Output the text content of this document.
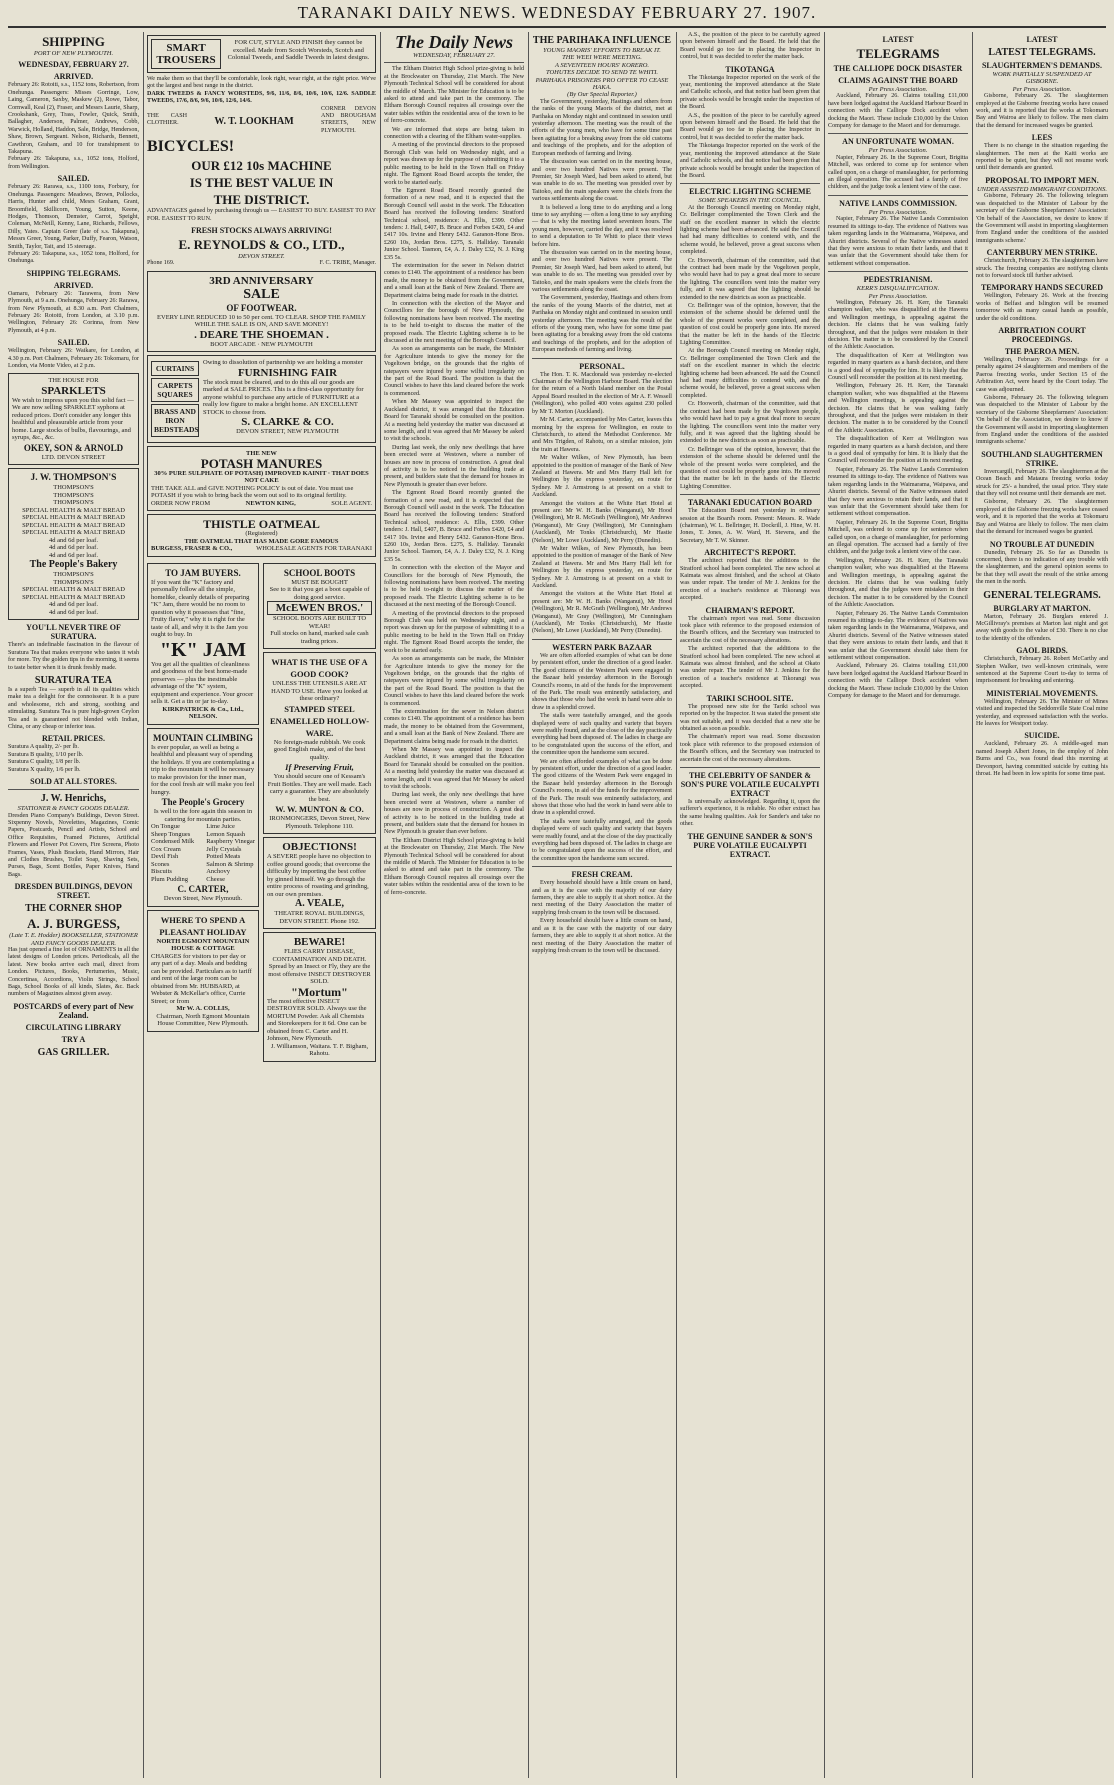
TARANAKI DAILY NEWS. WEDNESDAY FEBRUARY 27. 1907.
SHIPPING
PORT OF NEW PLYMOUTH.
WEDNESDAY, FEBRUARY 27.
ARRIVED.
February 26: Rotoiti, s.s., 1152 tons, Robertson, from Onehunga. Passengers: Misses Gorringe, Low, Laing, Cameron, Saxby, Maskew (2), Rowe, Tabor, Cornwall, Keal (2), Fraser, and Messrs Laurie, Sharp, Crookshank, Grey, Trass, Fowler, Quick, Smith, Ballagher, Anderson, Palmer, Andrews, Cobb, Warwick, Holland, Haddon, Sale, Bridge, Henderson, Shaw, Brown, Sergeant. Nelson, Richards, Bennett, Cawthron, Graham, and 10 for transhipment to Takapuna.
February 26: Takapuna, s.s., 1052 tons, Holford, from Wellington.
SAILED.
February 26: Rarawa, s.s., 1100 tons, Forbury, for Onehunga. Passengers: Meadows, Brown, Pollocks, Harris, Hunter and child, Mesrs Graham, Grant, Broomfield, Skillicorn, Young, Sutton, Keene, Hodges, Thomson, Demster, Carrot, Speight, Coleman, McNeill, Kenny, Lane, Richards, Fellows, Dilly, Yates. Captain Greer (late of s.s. Takapuna), Messrs Greer, Young, Parker, Duffy, Fearon, Watson, Smith, Taylor, Tait, and 15 steerage.
February 26: Takapuna, s.s., 1052 tons, Holford, for Onehunga.
SHIPPING TELEGRAMS.
ARRIVED.
Oamaru, February 26: Tarawera, from New Plymouth, at 9 a.m. Onehunga, February 26: Rarawa, from New Plymouth, at 8.30 a.m. Port Chalmers, February 26: Rotoiti, from London, at 3.10 p.m. Wellington, February 26: Corinna, from New Plymouth, at 4 p.m.
SAILED.
Wellington, February 26: Waikare, for London, at 4.30 p.m. Port Chalmers, February 26: Tokomaru, for London, via Monte Video, at 2 p.m.
THE HOUSE FOR
SPARKLETS
We wish to impress upon you this solid fact — We are now selling SPARKLET syphons at reduced prices. Don't consider any longer this healthful and pleasurable article from your home. Large stocks of bulbs, flavourings, and syrups, &c., &c.
OKEY, SON & ARNOLD
LTD. DEVON STREET
J. W. THOMPSON'S
THOMPSON'S
THOMPSON'S
THOMPSON'S
SPECIAL HEALTH & MALT BREAD
SPECIAL HEALTH & MALT BREAD
SPECIAL HEALTH & MALT BREAD
SPECIAL HEALTH & MALT BREAD
4d and 6d per loaf.
4d and 6d per loaf.
4d and 6d per loaf.
The People's Bakery
THOMPSON'S
THOMPSON'S
SPECIAL HEALTH & MALT BREAD
SPECIAL HEALTH & MALT BREAD
4d and 6d per loaf.
4d and 6d per loaf.
YOU'LL NEVER TIRE OF SURATURA.
There's an indefinable fascination in the flavour of Suratura Tea that makes everyone who tastes it wish for more. Try the golden tips in the morning, it seems to taste better when it is drunk freshly made.
SURATURA TEA
Is a superb Tea — superb in all its qualities which make tea a delight for the connoisseur. It is a pure and wholesome, rich and strong, soothing and stimulating. Suratura Tea is pure high-grown Ceylon Tea and is guaranteed not blended with Indian, China, or any cheap or inferior teas.
RETAIL PRICES.
Suratura A quality, 2/- per lb.
Suratura B quality, 1/10 per lb.
Suratura C quality, 1/8 per lb.
Suratura X quality, 1/6 per lb.
SOLD AT ALL STORES.
J. W. Henrichs,
STATIONER & FANCY GOODS DEALER.
Dresden Piano Company's Buildings, Devon Street. Sixpenny Novels, Novelettes, Magazines, Comic Papers, Postcards, Pencil and Artists, School and Office Requisites, Framed Pictures, Artificial Flowers and Flower Pot Covers, Fire Screens, Photo Frames, Vases, Plush Brackets, Hand Mirrors, Hair and Clothes Brushes, Toilet Soap, Shaving Sets, Purses, Bags, Scent Bottles, Paper Knives, Hand Bags.
DRESDEN BUILDINGS, DEVON STREET.
THE CORNER SHOP
A. J. BURGESS,
(Late T. E. Hodder) BOOKSELLER, STATIONER AND FANCY GOODS DEALER.
Has just opened a fine lot of ORNAMENTS in all the latest designs of London prices. Periodicals, all the latest. New books arrive each mail, direct from London. Pictures, Books, Pertumeries, Music, Concertinas, Accordions, Violin Strings, School Bags, School Books of all kinds, Slates, &c. Back numbers of Magazines almost given away.
POSTCARDS of every part of New Zealand.
CIRCULATING LIBRARY
TRY A
GAS GRILLER.
SMART TROUSERS
FOR CUT, STYLE AND FINISH they cannot be excelled. Made from Scotch Worsteds, Scotch and Colonial Tweeds, and Saddle Tweeds in latest designs.
We make them so that they'll be comfortable, look right, wear right, at the right price. We've got the largest and best range in the district.
DARK TWEEDS & FANCY WORSTEDS, 9/6, 11/6, 8/6, 10/6, 10/6, 12/6. SADDLE TWEEDS, 17/6, 8/6, 9/6, 10/6, 12/6, 14/6.
THE CASH CLOTHIER.	W. T. LOOKHAM
CORNER DEVON AND BROUGHAM STREETS, NEW PLYMOUTH.
BICYCLES!
OUR £12 10s MACHINE
IS THE BEST VALUE IN
THE DISTRICT.
ADVANTAGES gained by purchasing through us — EASIEST TO BUY. EASIEST TO PAY FOR. EASIEST TO RUN.
FRESH STOCKS ALWAYS ARRIVING!
E. REYNOLDS & CO., LTD.,
DEVON STREET.
Phone 169.	F. C. TRIBE, Manager.
3RD ANNIVERSARY
SALE
OF FOOTWEAR.
EVERY LINE REDUCED 10 to 50 per cent. TO CLEAR. SHOP THE FAMILY WHILE THE SALE IS ON, AND SAVE MONEY!
. DEARE THE SHOEMAN .
BOOT ARCADE · NEW PLYMOUTH
CURTAINS
CARPETS SQUARES
BRASS AND IRON BEDSTEADS
Owing to dissolution of partnership we are holding a monster
FURNISHING FAIR
The stock must be cleared, and to do this all our goods are marked at SALE PRICES. This is a first-class opportunity for anyone wishful to purchase any article of FURNITURE at a really low figure to make a bright home. AN EXCELLENT STOCK to choose from.
S. CLARKE & CO.
DEVON STREET, NEW PLYMOUTH
THE NEW
POTASH MANURES
30% PURE SULPHATE OF POTASH) IMPROVED KAINIT · THAT DOES NOT CAKE
THE TAKE ALL and GIVE NOTHING POLICY is out of date. You must use POTASH if you wish to bring back the worn out soil to its original fertility.
ORDER NOW FROM	NEWTON KING,	SOLE AGENT.
THISTLE OATMEAL
(Registered)
THE OATMEAL THAT HAS MADE GORE FAMOUS
BURGESS, FRASER & CO.,	WHOLESALE AGENTS FOR TARANAKI
TO JAM BUYERS.
If you want the "K" factory and personally follow all the simple, homelike, cleanly details of preparing "K" Jam, there would be no room to question why it possesses that "fine, Fruity flavor," why it is right for the taste of all, and why it is the Jam you ought to buy. In
"K" JAM
You get all the qualities of cleanliness and goodness of the best home-made preserves — plus the inestimable advantage of the "K" system, equipment and experience. Your grocer sells it. Get a tin or jar to-day.
KIRKPATRICK & Co., Ltd., NELSON.
MOUNTAIN CLIMBING
Is ever popular, as well as being a healthful and pleasant way of spending the holidays. If you are contemplating a trip to the mountain it will be necessary to make provision for the inner man, for the cool fresh air will make you feel hungry.
The People's Grocery
Is well to the fore again this season in catering for mountain parties.
On Tongue
Sheep Tongues
Condensed Milk
Cox Cream
Devil Fish
Scones
Biscuits
Plum Pudding
Lime Juice
Lemon Squash
Raspberry Vinegar
Jelly Crystals
Potted Meats
Salmon & Shrimp
Anchovy
Cheese
C. CARTER,
Devon Street, New Plymouth.
WHERE TO SPEND A PLEASANT HOLIDAY
NORTH EGMONT MOUNTAIN HOUSE & COTTAGE
CHARGES for visitors to per day or any part of a day. Meals and bedding can be provided. Particulars as to tariff and rent of the large room can be obtained from Mr. HUBBARD, at Webster & McKellar's office, Currie Street; or from
Mr W. A. COLLIS,
Chairman, North Egmont Mountain House Committee, New Plymouth.
SCHOOL BOOTS
MUST BE BOUGHT
See to it that you get a boot capable of doing good service.
McEWEN BROS.'
SCHOOL BOOTS ARE BUILT TO WEAR!
Full stocks on hand, marked sale cash trading prices.
WHAT IS THE USE OF A GOOD COOK?
UNLESS THE UTENSILS ARE AT HAND TO USE. Have you looked at these ordinary?
STAMPED STEEL ENAMELLED HOLLOW-WARE.
No foreign-made rubbish. We cook good English make, and of the best quality.
If Preserving Fruit,
You should secure one of Kessam's Fruit Bottles. They are well made. Each carry a guarantee. They are absolutely the best.
W. W. MUNTON & CO.
IRONMONGERS, Devon Street, New Plymouth. Telephone 110.
OBJECTIONS!
A SEVERE people have no objection to coffee ground goods; that overcome the difficulty by importing the best coffee by ginned himself. We go through the entire process of roasting and grinding, on our own premises.
A. VEALE,
THEATRE ROYAL BUILDINGS, DEVON STREET. Phone 192.
BEWARE!
FLIES CARRY DISEASE, CONTAMINATION AND DEATH. Spread by an Insect or Fly, they are the most offensive INSECT DESTROYER SOLD.
"Mortum"
The most effective INSECT DESTROYER SOLD. Always use the MORTUM Powder. Ask all Chemists and Storekeepers for it 6d. One can be obtained from C. Carter and H. Johnson, New Plymouth.
J. Williamson, Waitara. T. F. Bigham, Rahotu.
The Daily News
WEDNESDAY, FEBRUARY 27.

The Eltham District High School prize-giving is held at the Brockwater on Thursday, 21st March. The New Plymouth Technical School will be considered for about the middle of March. The Minister for Education is to be asked to attend and take part in the ceremony. The Eltham Borough Council requires all crossings over the water tables within the residential area of the town to be of ferro-concrete.

We are informed that steps are being taken in connection with a clearing of the Eltham water-supplies.

A meeting of the provincial directors to the proposed Borough Club was held on Wednesday night, and a report was drawn up for the purpose of submitting it to a public meeting to be held in the Town Hall on Friday night. The Egmont Road Board accepts the tender, the work to be started early.

The Egmont Road Board recently granted the formation of a new road, and it is expected that the Borough Council will assist in the work. The Education Board has received the following tenders: Stratford Technical school, residence: A. Ellis, £399. Other tenders: J. Hall, £407, B. Bruce and Forbes £420, £4 and £417 10s. Irvine and Henry £432. Garanon-Hone Bros. £260 10s, Jordan Bros. £275, S. Halliday. Taranaki Junior School. Tasmon, £4, A. J. Daley £32, N. J. King £35 5s.

The extermination for the sewer in Nelson district comes to £140. The appointment of a residence has been made, the money to be obtained from the Government, and a small loan at the Bank of New Zealand. There are Department claims being made for roads in the district.

In connection with the election of the Mayor and Councillors for the borough of New Plymouth, the following nominations have been received. The meeting is to be held to-night to discuss the matter of the proposed roads. The Electric Lighting scheme is to be discussed at the next meeting of the Borough Council.

As soon as arrangements can be made, the Minister for Agriculture intends to give the money for the Vogeltown bridge, on the grounds that the rights of ratepayers were injured by some wilful irregularity on the part of the Road Board. The position is that the Council wishes to have this land cleared before the work is commenced.

When Mr Massey was appointed to inspect the Auckland district, it was arranged that the Education Board for Taranaki should be consulted on the position. At a meeting held yesterday the matter was discussed at some length, and it was agreed that Mr Massey be asked to visit the schools.

During last week, the only new dwellings that have been erected were at Westown, where a number of houses are now in process of construction. A great deal of activity is to be noticed in the building trade at present, and builders state that the demand for houses in New Plymouth is greater than ever before.

The Egmont Road Board recently granted the formation of a new road, and it is expected that the Borough Council will assist in the work. The Education Board has received the following tenders: Stratford Technical school, residence: A. Ellis, £399. Other tenders: J. Hall, £407, B. Bruce and Forbes £420, £4 and £417 10s. Irvine and Henry £432. Garanon-Hone Bros. £260 10s, Jordan Bros. £275, S. Halliday. Taranaki Junior School. Tasmon, £4, A. J. Daley £32, N. J. King £35 5s.

In connection with the election of the Mayor and Councillors for the borough of New Plymouth, the following nominations have been received. The meeting is to be held to-night to discuss the matter of the proposed roads. The Electric Lighting scheme is to be discussed at the next meeting of the Borough Council.

A meeting of the provincial directors to the proposed Borough Club was held on Wednesday night, and a report was drawn up for the purpose of submitting it to a public meeting to be held in the Town Hall on Friday night. The Egmont Road Board accepts the tender, the work to be started early.

As soon as arrangements can be made, the Minister for Agriculture intends to give the money for the Vogeltown bridge, on the grounds that the rights of ratepayers were injured by some wilful irregularity on the part of the Road Board. The position is that the Council wishes to have this land cleared before the work is commenced.

The extermination for the sewer in Nelson district comes to £140. The appointment of a residence has been made, the money to be obtained from the Government, and a small loan at the Bank of New Zealand. There are Department claims being made for roads in the district.

When Mr Massey was appointed to inspect the Auckland district, it was arranged that the Education Board for Taranaki should be consulted on the position. At a meeting held yesterday the matter was discussed at some length, and it was agreed that Mr Massey be asked to visit the schools.

During last week, the only new dwellings that have been erected were at Westown, where a number of houses are now in process of construction. A great deal of activity is to be noticed in the building trade at present, and builders state that the demand for houses in New Plymouth is greater than ever before.

The Eltham District High School prize-giving is held at the Brockwater on Thursday, 21st March. The New Plymouth Technical School will be considered for about the middle of March. The Minister for Education is to be asked to attend and take part in the ceremony. The Eltham Borough Council requires all crossings over the water tables within the residential area of the town to be of ferro-concrete.

THE PARIHAKA INFLUENCE
YOUNG MAORIS' EFFORTS TO BREAK IT.
THE WEEI WERE MEETING.
A SEVENTEEN HOURS' KORERO.
TOHUTES DECIDE TO SEND TE WHITI.
PARIHAKA PRISONERS PRO OFFER TO CEASE HAKA.
(By Our Special Reporter.)

The Government, yesterday, Hastings and others from the ranks of the young Maoris of the district, met at Parihaka on Monday night and continued in session until yesterday afternoon. The meeting was the result of the efforts of the young men, who have for some time past been agitating for a breaking away from the old customs and teachings of the prophets, and for the adoption of European methods of farming and living.

The discussion was carried on in the meeting house, and over two hundred Natives were present. The Premier, Sir Joseph Ward, had been asked to attend, but was unable to do so. The meeting was presided over by Taitoko, and the main speakers were the chiefs from the various settlements along the coast.

It is believed a long time to do anything and a long time to say anything — often a long time to say anything — that is why the meeting lasted seventeen hours. The young men, however, carried the day, and it was resolved to send a deputation to Te Whiti to place their views before him.

The discussion was carried on in the meeting house, and over two hundred Natives were present. The Premier, Sir Joseph Ward, had been asked to attend, but was unable to do so. The meeting was presided over by Taitoko, and the main speakers were the chiefs from the various settlements along the coast.

The Government, yesterday, Hastings and others from the ranks of the young Maoris of the district, met at Parihaka on Monday night and continued in session until yesterday afternoon. The meeting was the result of the efforts of the young men, who have for some time past been agitating for a breaking away from the old customs and teachings of the prophets, and for the adoption of European methods of farming and living.

PERSONAL.

The Hon. T. K. Macdonald was yesterday re-elected Chairman of the Wellington Harbour Board. The election for the return of a North Island member on the Postal Appeal Board resulted in the election of Mr A. F. Wessell (Wellington), who polled 400 votes against 230 polled by Mr T. Morton (Auckland).

Mr M. Carter, accompanied by Mrs Carter, leaves this morning by the express for Wellington, en route to Christchurch, to attend the Methodist Conference. Mr and Mrs Trigden, of Rahotu, on a similar mission, join the train at Hawera.

Mr Walter Wilkes, of New Plymouth, has been appointed to the position of manager of the Bank of New Zealand at Hawera. Mr and Mrs Harry Hall left for Wellington by the express yesterday, en route for Sydney. Mr J. Armstrong is at present on a visit to Auckland.

Amongst the visitors at the White Hart Hotel at present are: Mr W. H. Banks (Wanganui), Mr Hood (Wellington), Mr R. McGrath (Wellington), Mr Andrews (Wanganui), Mr Gray (Wellington), Mr Cunningham (Auckland), Mr Tonks (Christchurch), Mr Hastie (Nelson), Mr Lowe (Auckland), Mr Perry (Dunedin).

Mr Walter Wilkes, of New Plymouth, has been appointed to the position of manager of the Bank of New Zealand at Hawera. Mr and Mrs Harry Hall left for Wellington by the express yesterday, en route for Sydney. Mr J. Armstrong is at present on a visit to Auckland.

Amongst the visitors at the White Hart Hotel at present are: Mr W. H. Banks (Wanganui), Mr Hood (Wellington), Mr R. McGrath (Wellington), Mr Andrews (Wanganui), Mr Gray (Wellington), Mr Cunningham (Auckland), Mr Tonks (Christchurch), Mr Hastie (Nelson), Mr Lowe (Auckland), Mr Perry (Dunedin).

WESTERN PARK BAZAAR

We are often afforded examples of what can be done by persistent effort, under the direction of a good leader. The good citizens of the Western Park were engaged in the Bazaar held yesterday afternoon in the Borough Council's rooms, in aid of the funds for the improvement of the Park. The result was eminently satisfactory, and shows that those who had the work in hand were able to draw in a splendid crowd.

The stalls were tastefully arranged, and the goods displayed were of such quality and variety that buyers were readily found, and at the close of the day practically everything had been disposed of. The ladies in charge are to be congratulated upon the success of the effort, and the committee upon the handsome sum secured.

We are often afforded examples of what can be done by persistent effort, under the direction of a good leader. The good citizens of the Western Park were engaged in the Bazaar held yesterday afternoon in the Borough Council's rooms, in aid of the funds for the improvement of the Park. The result was eminently satisfactory, and shows that those who had the work in hand were able to draw in a splendid crowd.

The stalls were tastefully arranged, and the goods displayed were of such quality and variety that buyers were readily found, and at the close of the day practically everything had been disposed of. The ladies in charge are to be congratulated upon the success of the effort, and the committee upon the handsome sum secured.

FRESH CREAM.

Every household should have a little cream on hand, and as it is the case with the majority of our dairy farmers, they are able to supply it at short notice. At the next meeting of the Dairy Association the matter of supplying fresh cream to the town will be discussed.

Every household should have a little cream on hand, and as it is the case with the majority of our dairy farmers, they are able to supply it at short notice. At the next meeting of the Dairy Association the matter of supplying fresh cream to the town will be discussed.

A.S., the position of the piece to be carefully agreed upon between himself and the Board. He held that the Board would go too far in placing the Inspector in control, but it was decided to refer the matter back.

TIKOTANGA

The Tikotanga Inspector reported on the work of the year, mentioning the improved attendance at the State and Catholic schools, and that notice had been given that private schools would be brought under the inspection of the Board.

A.S., the position of the piece to be carefully agreed upon between himself and the Board. He held that the Board would go too far in placing the Inspector in control, but it was decided to refer the matter back.

The Tikotanga Inspector reported on the work of the year, mentioning the improved attendance at the State and Catholic schools, and that notice had been given that private schools would be brought under the inspection of the Board.

ELECTRIC LIGHTING SCHEME
SOME SPEAKERS IN THE COUNCIL.

At the Borough Council meeting on Monday night, Cr. Bellringer complimented the Town Clerk and the staff on the excellent manner in which the electric lighting scheme had been advanced. He said the Council had had many difficulties to contend with, and the scheme would, he believed, prove a great success when completed.

Cr. Hooworth, chairman of the committee, said that the contract had been made by the Vogeltown people, who would have had to pay a great deal more to secure the lighting. The councillors went into the matter very fully, and it was agreed that the lighting should be extended to the new districts as soon as practicable.

Cr. Bellringer was of the opinion, however, that the extension of the scheme should be deferred until the whole of the present works were completed, and the question of cost could be properly gone into. He moved that the matter be left in the hands of the Electric Lighting Committee.

At the Borough Council meeting on Monday night, Cr. Bellringer complimented the Town Clerk and the staff on the excellent manner in which the electric lighting scheme had been advanced. He said the Council had had many difficulties to contend with, and the scheme would, he believed, prove a great success when completed.

Cr. Hooworth, chairman of the committee, said that the contract had been made by the Vogeltown people, who would have had to pay a great deal more to secure the lighting. The councillors went into the matter very fully, and it was agreed that the lighting should be extended to the new districts as soon as practicable.

Cr. Bellringer was of the opinion, however, that the extension of the scheme should be deferred until the whole of the present works were completed, and the question of cost could be properly gone into. He moved that the matter be left in the hands of the Electric Lighting Committee.

TARANAKI EDUCATION BOARD

The Education Board met yesterday in ordinary session at the Board's room. Present: Messrs. R. Wade (chairman), W. L. Bellringer, H. Dockrill, J. Hine, W. H. Jones, T. Jones, A. W. Ward, H. Stevens, and the Secretary, Mr T. W. Skinner.

ARCHITECT'S REPORT.

The architect reported that the additions to the Stratford school had been completed. The new school at Kaimata was almost finished, and the school at Okato was under repair. The tender of Mr J. Jenkins for the erection of a teacher's residence at Tikorangi was accepted.

CHAIRMAN'S REPORT.

The chairman's report was read. Some discussion took place with reference to the proposed extension of the Board's offices, and the Secretary was instructed to ascertain the cost of the necessary alterations.

The architect reported that the additions to the Stratford school had been completed. The new school at Kaimata was almost finished, and the school at Okato was under repair. The tender of Mr J. Jenkins for the erection of a teacher's residence at Tikorangi was accepted.

TARIKI SCHOOL SITE.

The proposed new site for the Tariki school was reported on by the Inspector. It was stated the present site was not suitable, and it was decided that a new site be obtained as soon as possible.

The chairman's report was read. Some discussion took place with reference to the proposed extension of the Board's offices, and the Secretary was instructed to ascertain the cost of the necessary alterations.

THE CELEBRITY OF SANDER & SON'S PURE VOLATILE EUCALYPTI EXTRACT

Is universally acknowledged. Regarding it, upon the sufferer's experience, it is reliable. No other extract has the same healing qualities. Ask for Sander's and take no other.

THE GENUINE SANDER & SON'S PURE VOLATILE EUCALYPTI EXTRACT.
LATEST
TELEGRAMS
THE CALLIOPE DOCK DISASTER
CLAIMS AGAINST THE BOARD
Per Press Association.

Auckland, February 26. Claims totalling £11,000 have been lodged against the Auckland Harbour Board in connection with the Calliope Dock accident when docking the Maori. These include £10,000 by the Union Company for damage to the Maori and for demurrage.

AN UNFORTUNATE WOMAN.
Per Press Association.

Napier, February 26. In the Supreme Court, Brigitta Mitchell, was ordered to come up for sentence when called upon, on a charge of manslaughter, for performing an illegal operation. The accused had a family of five children, and the judge took a lenient view of the case.

NATIVE LANDS COMMISSION.
Per Press Association.

Napier, February 26. The Native Lands Commission resumed its sittings to-day. The evidence of Natives was taken regarding lands in the Waimarama, Waipawa, and Ahuriri districts. Several of the Native witnesses stated that they were anxious to retain their lands, and that it was unfair that the Government should take them for settlement without compensation.

PEDESTRIANISM.
KERR'S DISQUALIFICATION.
Per Press Association.

Wellington, February 26. H. Kerr, the Taranaki champion walker, who was disqualified at the Hawera and Wellington meetings, is appealing against the decision. He claims that he was walking fairly throughout, and that the judges were mistaken in their decision. The matter is to be considered by the Council of the Athletic Association.

The disqualification of Kerr at Wellington was regarded in many quarters as a harsh decision, and there is a good deal of sympathy for him. It is likely that the Council will reconsider the position at its next meeting.

Wellington, February 26. H. Kerr, the Taranaki champion walker, who was disqualified at the Hawera and Wellington meetings, is appealing against the decision. He claims that he was walking fairly throughout, and that the judges were mistaken in their decision. The matter is to be considered by the Council of the Athletic Association.

The disqualification of Kerr at Wellington was regarded in many quarters as a harsh decision, and there is a good deal of sympathy for him. It is likely that the Council will reconsider the position at its next meeting.

Napier, February 26. The Native Lands Commission resumed its sittings to-day. The evidence of Natives was taken regarding lands in the Waimarama, Waipawa, and Ahuriri districts. Several of the Native witnesses stated that they were anxious to retain their lands, and that it was unfair that the Government should take them for settlement without compensation.

Napier, February 26. In the Supreme Court, Brigitta Mitchell, was ordered to come up for sentence when called upon, on a charge of manslaughter, for performing an illegal operation. The accused had a family of five children, and the judge took a lenient view of the case.

Wellington, February 26. H. Kerr, the Taranaki champion walker, who was disqualified at the Hawera and Wellington meetings, is appealing against the decision. He claims that he was walking fairly throughout, and that the judges were mistaken in their decision. The matter is to be considered by the Council of the Athletic Association.

Napier, February 26. The Native Lands Commission resumed its sittings to-day. The evidence of Natives was taken regarding lands in the Waimarama, Waipawa, and Ahuriri districts. Several of the Native witnesses stated that they were anxious to retain their lands, and that it was unfair that the Government should take them for settlement without compensation.

Auckland, February 26. Claims totalling £11,000 have been lodged against the Auckland Harbour Board in connection with the Calliope Dock accident when docking the Maori. These include £10,000 by the Union Company for damage to the Maori and for demurrage.

LATEST
LATEST TELEGRAMS.
SLAUGHTERMEN'S DEMANDS.
WORK PARTIALLY SUSPENDED AT GISBORNE.
Per Press Association.

Gisborne, February 26. The slaughtermen employed at the Gisborne freezing works have ceased work, and it is reported that the works at Tokomaru Bay and Wairoa are likely to follow. The men claim that the demand for increased wages be granted.

LEES

There is no change in the situation regarding the slaughtermen. The men at the Kaiti works are reported to be quiet, but they will not resume work until their demands are granted.

PROPOSAL TO IMPORT MEN.
UNDER ASSISTED IMMIGRANT CONDITIONS.

Gisborne, February 26. The following telegram was despatched to the Minister of Labour by the secretary of the Gisborne Sheepfarmers' Association: 'On behalf of the Association, we desire to know if the Government will assist in importing slaughtermen from England under the conditions of the assisted immigrants scheme.'

CANTERBURY MEN STRIKE.

Christchurch, February 26. The slaughtermen have struck. The freezing companies are notifying clients not to forward stock till further advised.

TEMPORARY HANDS SECURED

Wellington, February 26. Work at the freezing works of Belfast and Islington will be resumed tomorrow with as many casual hands as possible, under the old conditions.

ARBITRATION COURT PROCEEDINGS.
THE PAEROA MEN.

Wellington, February 26. Proceedings for a penalty against 24 slaughtermen and members of the Paeroa freezing works, under Section 15 of the Arbitration Act, were heard by the Court today. The case was adjourned.

Gisborne, February 26. The following telegram was despatched to the Minister of Labour by the secretary of the Gisborne Sheepfarmers' Association: 'On behalf of the Association, we desire to know if the Government will assist in importing slaughtermen from England under the conditions of the assisted immigrants scheme.'

SOUTHLAND SLAUGHTERMEN STRIKE.

Invercargill, February 26. The slaughtermen at the Ocean Beach and Mataura freezing works today struck for 25/- a hundred, the usual price. They state that they will not resume until their demands are met.

Gisborne, February 26. The slaughtermen employed at the Gisborne freezing works have ceased work, and it is reported that the works at Tokomaru Bay and Wairoa are likely to follow. The men claim that the demand for increased wages be granted.

NO TROUBLE AT DUNEDIN

Dunedin, February 26. So far as Dunedin is concerned, there is no indication of any trouble with the slaughtermen, and the general opinion seems to be that they will await the result of the strike among the men in the north.

GENERAL TELEGRAMS.
BURGLARY AT MARTON.

Marton, February 26. Burglars entered J. McGillivray's premises at Marton last night and got away with goods to the value of £30. There is no clue to the identity of the offenders.

GAOL BIRDS.

Christchurch, February 26. Robert McCarthy and Stephen Walker, two well-known criminals, were sentenced at the Supreme Court to-day to terms of imprisonment for breaking and entering.

MINISTERIAL MOVEMENTS.

Wellington, February 26. The Minister of Mines visited and inspected the Seddonville State Coal mine yesterday, and expressed satisfaction with the works. He leaves for Westport today.

SUICIDE.

Auckland, February 26. A middle-aged man named Joseph Albert Jones, in the employ of John Burns and Co., was found dead this morning at Devonport, having committed suicide by cutting his throat. He had been in low spirits for some time past.
